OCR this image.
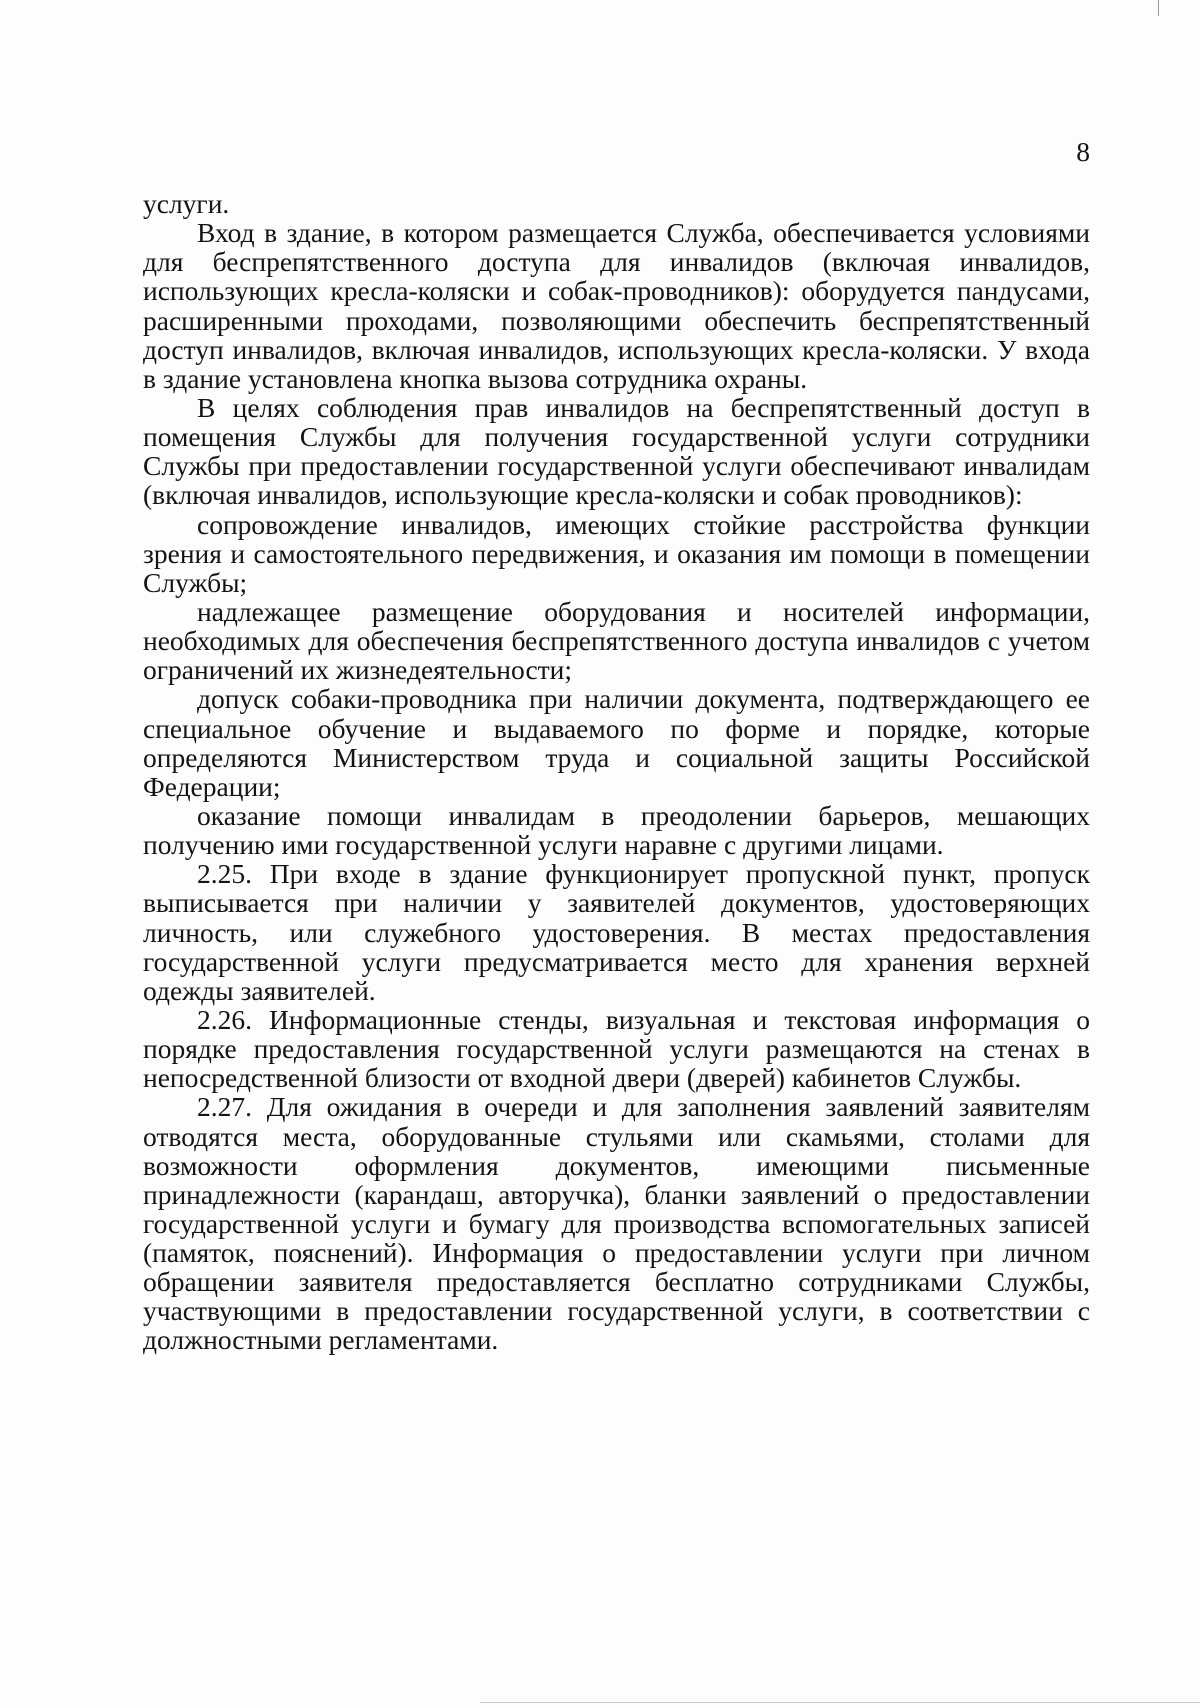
8
услуги.
Вход в здание, в котором размещается Служба, обеспечивается условиями
для беспрепятственного доступа для инвалидов (включая инвалидов,
использующих кресла-коляски и собак-проводников): оборудуется пандусами,
расширенными проходами, позволяющими обеспечить беспрепятственный
доступ инвалидов, включая инвалидов, использующих кресла-коляски. У входа
в здание установлена кнопка вызова сотрудника охраны.
В целях соблюдения прав инвалидов на беспрепятственный доступ в
помещения Службы для получения государственной услуги сотрудники
Службы при предоставлении государственной услуги обеспечивают инвалидам
(включая инвалидов, использующие кресла-коляски и собак проводников):
сопровождение инвалидов, имеющих стойкие расстройства функции
зрения и самостоятельного передвижения, и оказания им помощи в помещении
Службы;
надлежащее размещение оборудования и носителей информации,
необходимых для обеспечения беспрепятственного доступа инвалидов с учетом
ограничений их жизнедеятельности;
допуск собаки-проводника при наличии документа, подтверждающего ее
специальное обучение и выдаваемого по форме и порядке, которые
определяются Министерством труда и социальной защиты Российской
Федерации;
оказание помощи инвалидам в преодолении барьеров, мешающих
получению ими государственной услуги наравне с другими лицами.
2.25. При входе в здание функционирует пропускной пункт, пропуск
выписывается при наличии у заявителей документов, удостоверяющих
личность, или служебного удостоверения. В местах предоставления
государственной услуги предусматривается место для хранения верхней
одежды заявителей.
2.26. Информационные стенды, визуальная и текстовая информация о
порядке предоставления государственной услуги размещаются на стенах в
непосредственной близости от входной двери (дверей) кабинетов Службы.
2.27. Для ожидания в очереди и для заполнения заявлений заявителям
отводятся места, оборудованные стульями или скамьями, столами для
возможности оформления документов, имеющими письменные
принадлежности (карандаш, авторучка), бланки заявлений о предоставлении
государственной услуги и бумагу для производства вспомогательных записей
(памяток, пояснений). Информация о предоставлении услуги при личном
обращении заявителя предоставляется бесплатно сотрудниками Службы,
участвующими в предоставлении государственной услуги, в соответствии с
должностными регламентами.
